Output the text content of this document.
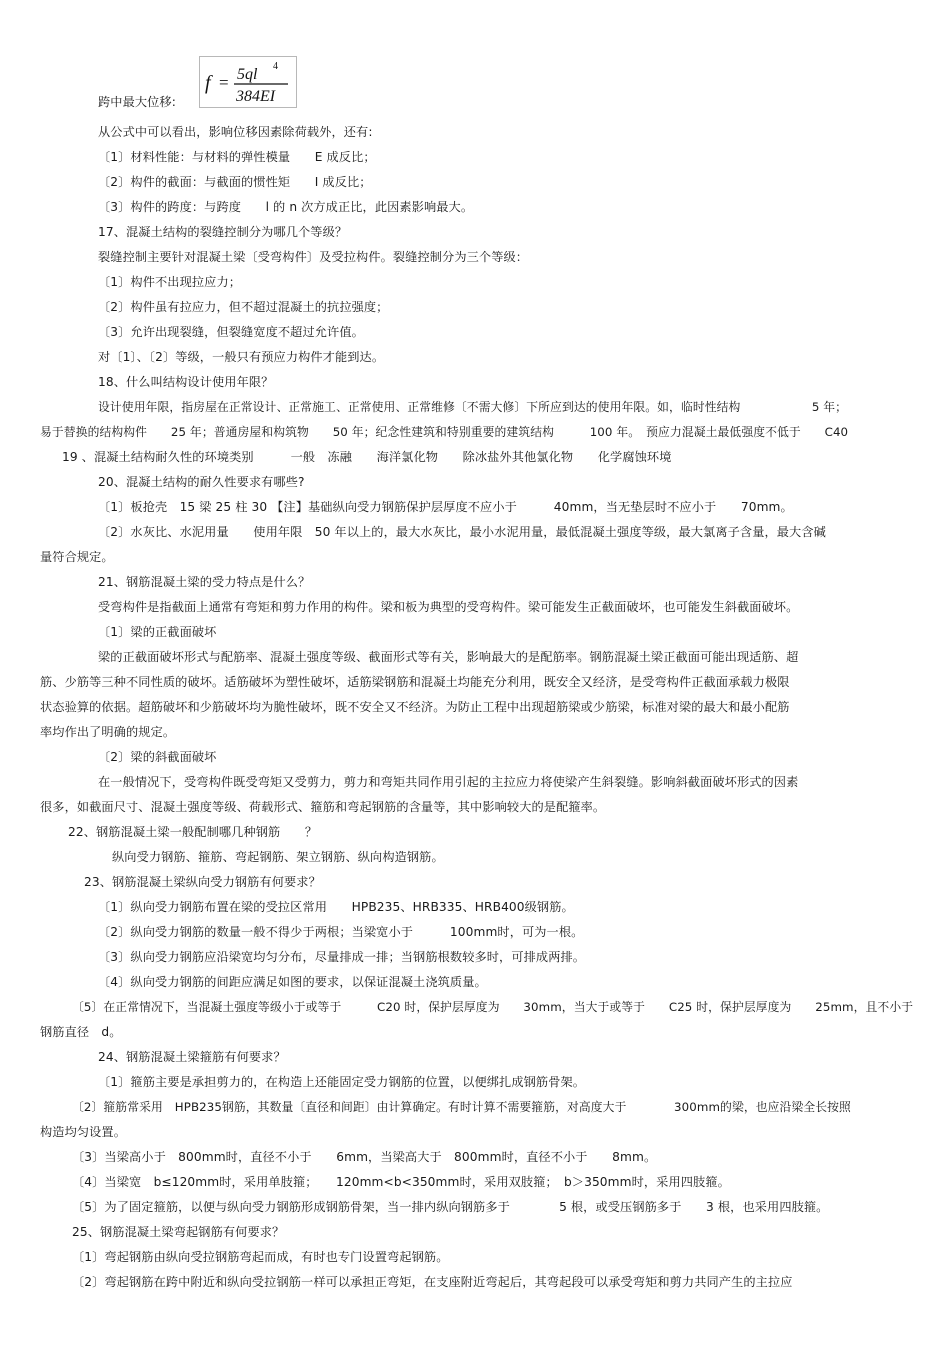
f = 5ql 4
384EI
跨中最大位移:
从公式中可以看出，影响位移因素除荷载外，还有:
〔1〕材料性能：与材料的弹性模量　　E 成反比；
〔2〕构件的截面：与截面的惯性矩　　I 成反比；
〔3〕构件的跨度：与跨度　　l 的 n 次方成正比，此因素影响最大。
17、混凝土结构的裂缝控制分为哪几个等级？
裂缝控制主要针对混凝土梁〔受弯构件〕及受拉构件。裂缝控制分为三个等级：
〔1〕构件不出现拉应力；
〔2〕构件虽有拉应力，但不超过混凝土的抗拉强度；
〔3〕允许出现裂缝，但裂缝宽度不超过允许值。
对〔1〕、〔2〕等级，一般只有预应力构件才能到达。
18、什么叫结构设计使用年限？
设计使用年限，指房屋在正常设计、正常施工、正常使用、正常维修〔不需大修〕下所应到达的使用年限。如，临时性结构　　　　　　5 年；
易于替换的结构构件　　25 年；普通房屋和构筑物　　50 年；纪念性建筑和特别重要的建筑结构　　　100 年。　预应力混凝土最低强度不低于　　C40
19 、混凝土结构耐久性的环境类别　　　一般　冻融　　海洋氯化物　　除冰盐外其他氯化物　　化学腐蚀环境
20、混凝土结构的耐久性要求有哪些?
〔1〕板抢壳　15 梁 25 柱 30 【注】基础纵向受力钢筋保护层厚度不应小于　　　40mm，当无垫层时不应小于　　70mm。
〔2〕水灰比、水泥用量　　使用年限　50 年以上的，最大水灰比，最小水泥用量，最低混凝土强度等级，最大氯离子含量，最大含碱
量符合规定。
21、钢筋混凝土梁的受力特点是什么？
受弯构件是指截面上通常有弯矩和剪力作用的构件。梁和板为典型的受弯构件。梁可能发生正截面破坏，也可能发生斜截面破坏。
〔1〕梁的正截面破坏
梁的正截面破坏形式与配筋率、混凝土强度等级、截面形式等有关，影响最大的是配筋率。钢筋混凝土梁正截面可能出现适筋、超
筋、少筋等三种不同性质的破坏。适筋破坏为塑性破坏，适筋梁钢筋和混凝土均能充分利用，既安全又经济，是受弯构件正截面承载力极限
状态验算的依据。超筋破坏和少筋破坏均为脆性破坏，既不安全又不经济。为防止工程中出现超筋梁或少筋梁，标准对梁的最大和最小配筋
率均作出了明确的规定。
〔2〕梁的斜截面破坏
在一般情况下，受弯构件既受弯矩又受剪力，剪力和弯矩共同作用引起的主拉应力将使梁产生斜裂缝。影响斜截面破坏形式的因素
很多，如截面尺寸、混凝土强度等级、荷载形式、箍筋和弯起钢筋的含量等，其中影响较大的是配箍率。
22、钢筋混凝土梁一般配制哪几种钢筋　　？
纵向受力钢筋、箍筋、弯起钢筋、架立钢筋、纵向构造钢筋。
23、钢筋混凝土梁纵向受力钢筋有何要求？
〔1〕纵向受力钢筋布置在梁的受拉区常用　　HPB235、HRB335、HRB400级钢筋。
〔2〕纵向受力钢筋的数量一般不得少于两根；当梁宽小于　　　100mm时，可为一根。
〔3〕纵向受力钢筋应沿梁宽均匀分布，尽量排成一排；当钢筋根数较多时，可排成两排。
〔4〕纵向受力钢筋的间距应满足如图的要求，以保证混凝土浇筑质量。
〔5〕在正常情况下，当混凝土强度等级小于或等于　　　C20 时，保护层厚度为　　30mm，当大于或等于　　C25 时，保护层厚度为　　25mm，且不小于
钢筋直径　d。
24、钢筋混凝土梁箍筋有何要求？
〔1〕箍筋主要是承担剪力的，在构造上还能固定受力钢筋的位置，以便绑扎成钢筋骨架。
〔2〕箍筋常采用　HPB235钢筋，其数量〔直径和间距〕由计算确定。有时计算不需要箍筋，对高度大于　　　　300mm的梁，也应沿梁全长按照
构造均匀设置。
〔3〕当梁高小于　800mm时，直径不小于　　6mm，当梁高大于　800mm时，直径不小于　　8mm。
〔4〕当梁宽　b≤120mm时，采用单肢箍；　　120mm<b<350mm时，采用双肢箍；　b＞350mm时，采用四肢箍。
〔5〕为了固定箍筋，以便与纵向受力钢筋形成钢筋骨架，当一排内纵向钢筋多于　　　　5 根，或受压钢筋多于　　3 根，也采用四肢箍。
25、钢筋混凝土梁弯起钢筋有何要求？
〔1〕弯起钢筋由纵向受拉钢筋弯起而成，有时也专门设置弯起钢筋。
〔2〕弯起钢筋在跨中附近和纵向受拉钢筋一样可以承担正弯矩，在支座附近弯起后，其弯起段可以承受弯矩和剪力共同产生的主拉应
